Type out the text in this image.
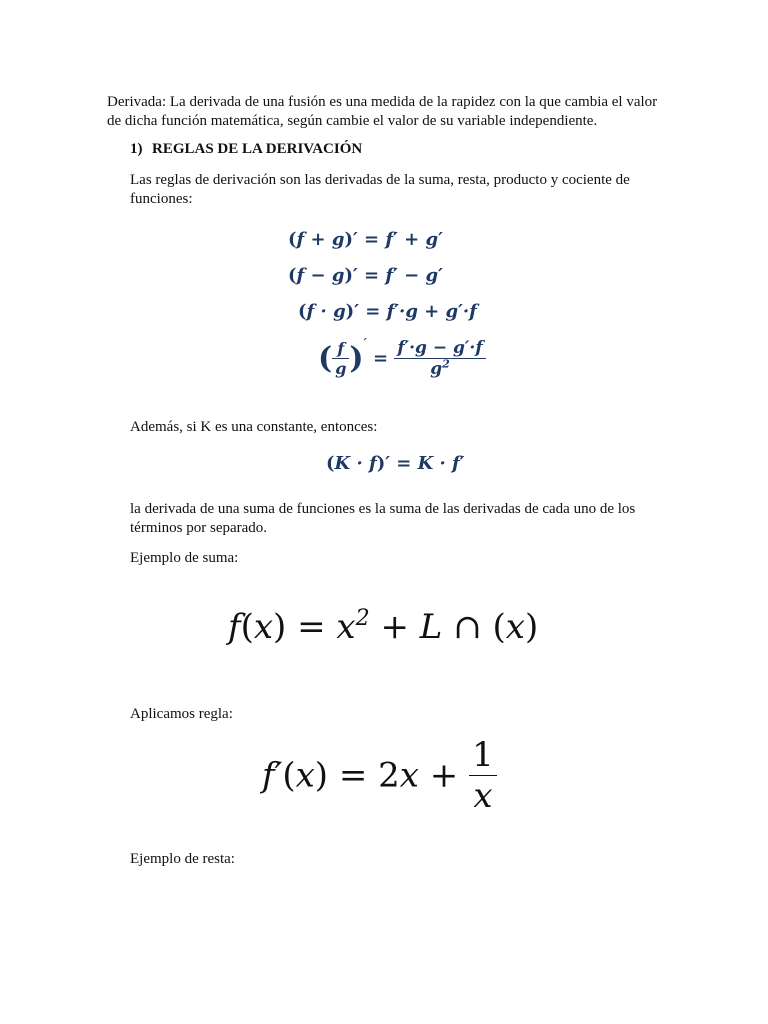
Derivada: La derivada de una fusión es una medida de la rapidez con la que cambia el valor
de dicha función matemática, según cambie el valor de su variable independiente.
1) REGLAS DE LA DERIVACIÓN
Las reglas de derivación son las derivadas de la suma, resta, producto y cociente de
funciones:
(f + g)′ = f′ + g′
(f − g)′ = f′ − g′
(f · g)′ = f′·g + g′·f
( $\frac{f}{g} )' = \frac{f'\cdot g - g'\cdot f}{g^2}$
Además, si K es una constante, entonces:
(K · f)′ = K · f′
la derivada de una suma de funciones es la suma de las derivadas de cada uno de los
términos por separado.
Ejemplo de suma:
$f(x) = x^2 + L$ ∩ (x)
Aplicamos regla:
$f'(x) = 2x + \frac{1}{x}$
Ejemplo de resta:
